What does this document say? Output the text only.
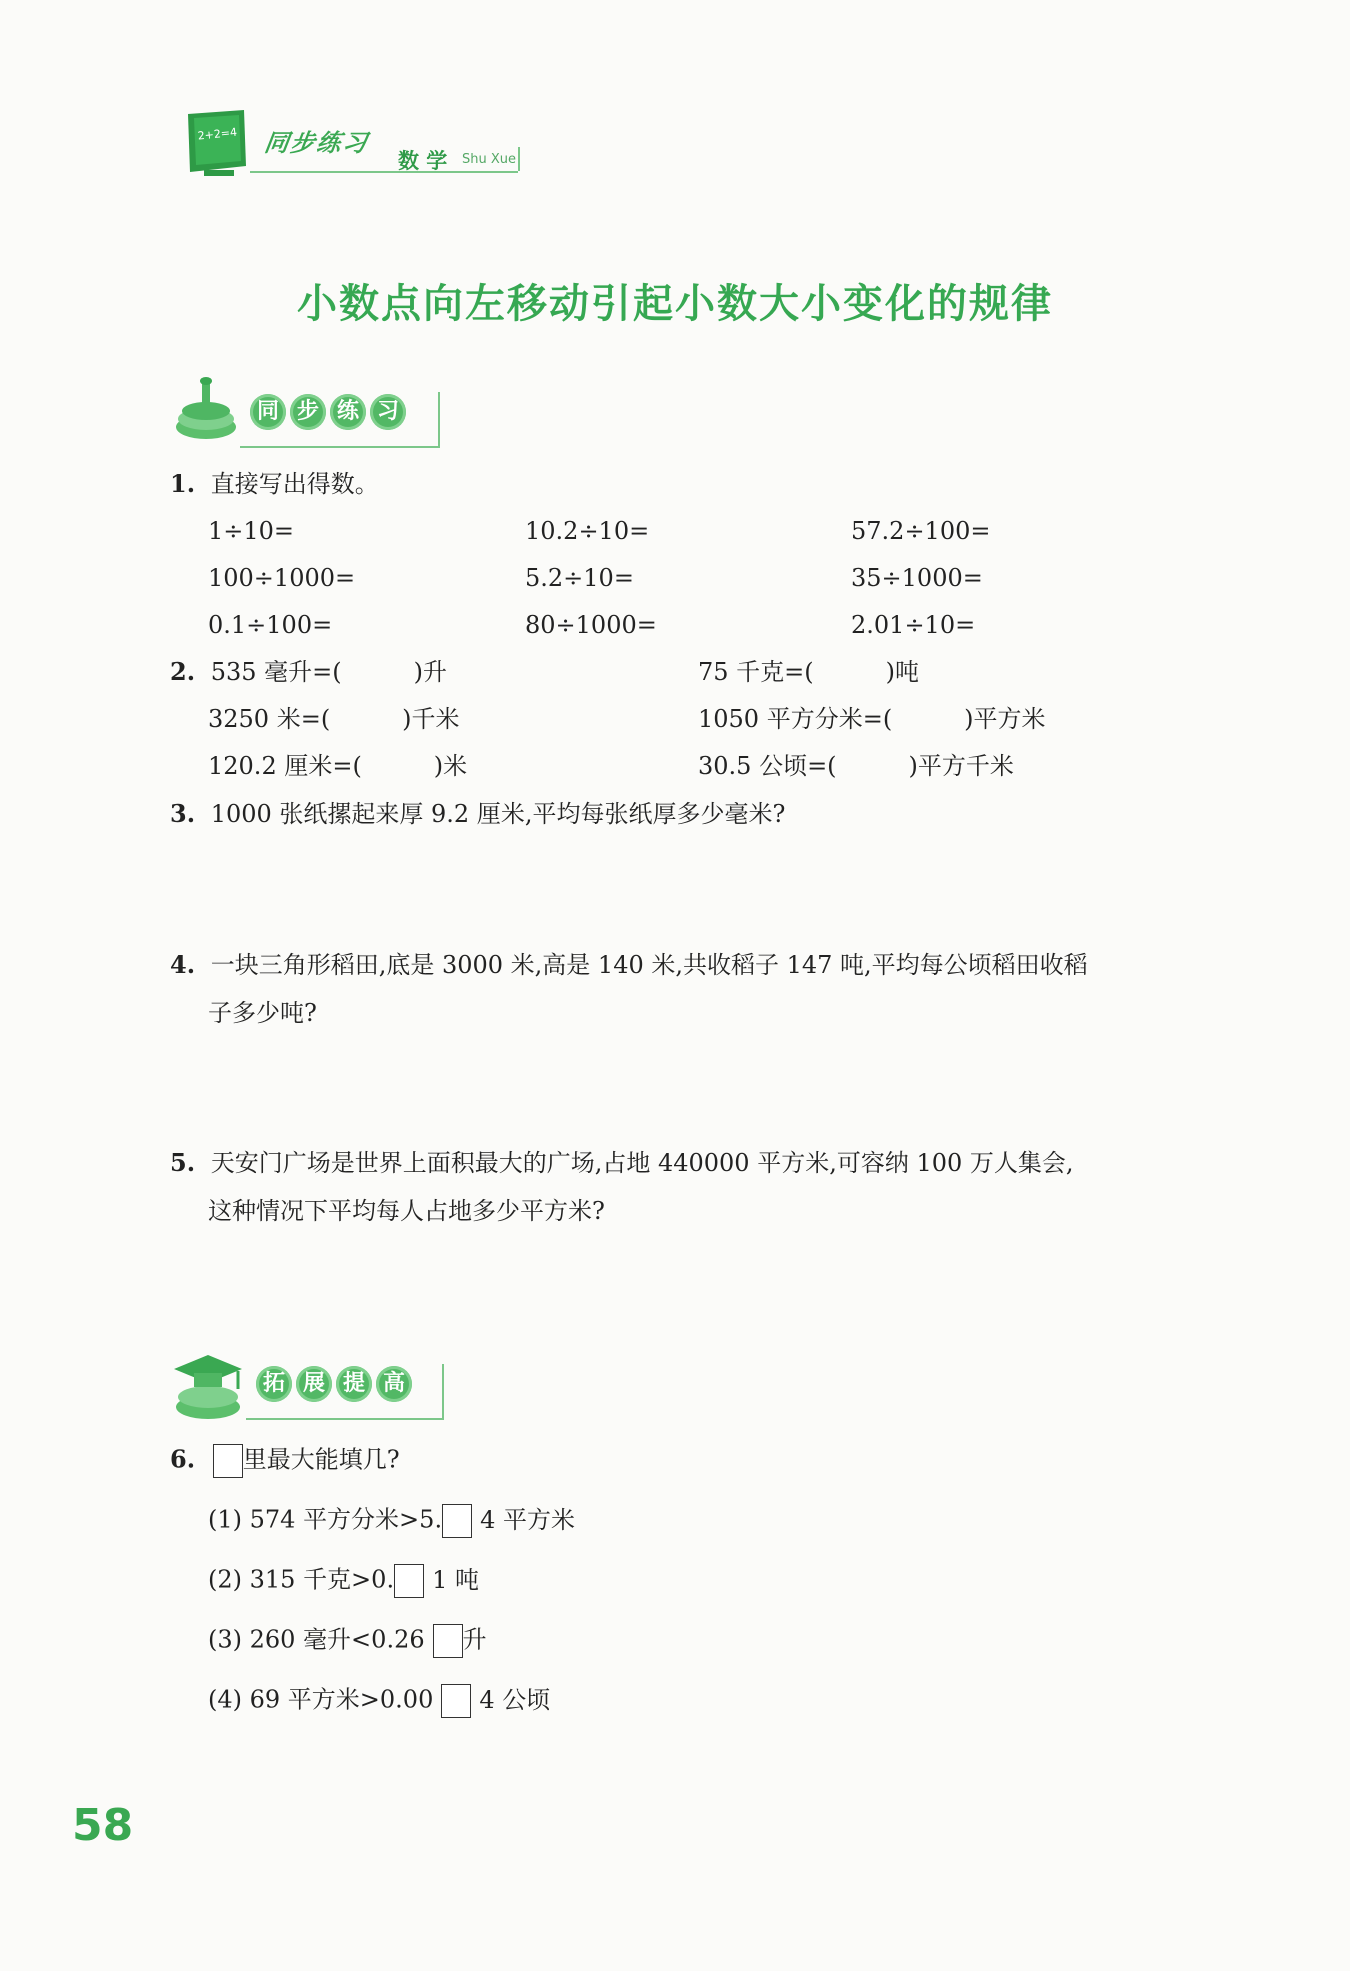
2+2=4 同步练习
数 学 Shu Xue
小数点向左移动引起小数大小变化的规律
同 步 练 习
1. 直接写出得数。
1÷10=	10.2÷10=	57.2÷100=
100÷1000=	5.2÷10=	35÷1000=
0.1÷100=	80÷1000=	2.01÷10=
2. 535 毫升=(　　　)升	75 千克=(　　　)吨
3250 米=(　　　)千米	1050 平方分米=(　　　)平方米
120.2 厘米=(　　　)米	30.5 公顷=(　　　)平方千米
3. 1000 张纸摞起来厚 9.2 厘米,平均每张纸厚多少毫米?
4. 一块三角形稻田,底是 3000 米,高是 140 米,共收稻子 147 吨,平均每公顷稻田收稻
子多少吨?
5. 天安门广场是世界上面积最大的广场,占地 440000 平方米,可容纳 100 万人集会,
这种情况下平均每人占地多少平方米?
拓 展 提 高
6. 里最大能填几?
(1) 574 平方分米>5. 4 平方米
(2) 315 千克>0. 1 吨
(3) 260 毫升<0.26 升
(4) 69 平方米>0.00 4 公顷
58
